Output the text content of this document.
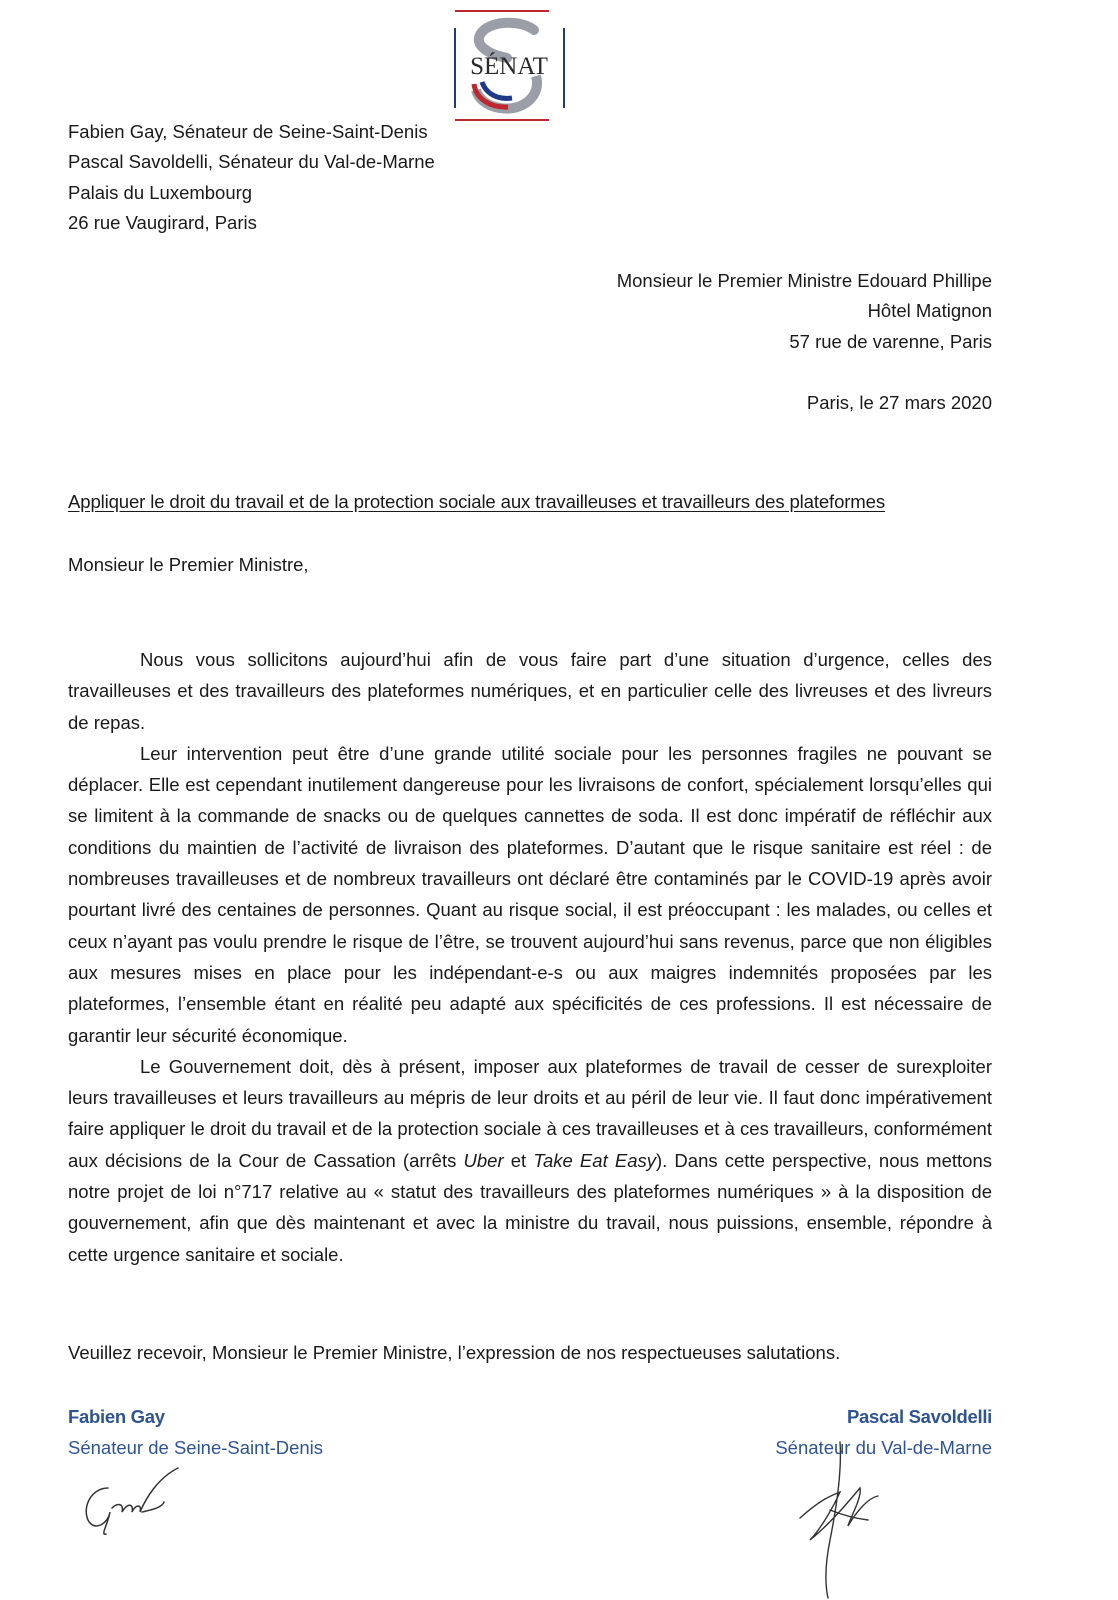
SÉNAT
Fabien Gay, Sénateur de Seine-Saint-Denis
Pascal Savoldelli, Sénateur du Val-de-Marne
Palais du Luxembourg
26 rue Vaugirard, Paris
Monsieur le Premier Ministre Edouard Phillipe
Hôtel Matignon
57 rue de varenne, Paris
Paris, le 27 mars 2020
Appliquer le droit du travail et de la protection sociale aux travailleuses et travailleurs des plateformes
Monsieur le Premier Ministre,

Nous vous sollicitons aujourd’hui afin de vous faire part d’une situation d’urgence, celles des travailleuses et des travailleurs des plateformes numériques, et en particulier celle des livreuses et des livreurs de repas.

Leur intervention peut être d’une grande utilité sociale pour les personnes fragiles ne pouvant se déplacer. Elle est cependant inutilement dangereuse pour les livraisons de confort, spécialement lorsqu’elles qui se limitent à la commande de snacks ou de quelques cannettes de soda. Il est donc impératif de réfléchir aux conditions du maintien de l’activité de livraison des plateformes. D’autant que le risque sanitaire est réel : de nombreuses travailleuses et de nombreux travailleurs ont déclaré être contaminés par le COVID-19 après avoir pourtant livré des centaines de personnes. Quant au risque social, il est préoccupant : les malades, ou celles et ceux n’ayant pas voulu prendre le risque de l’être, se trouvent aujourd’hui sans revenus, parce que non éligibles aux mesures mises en place pour les indépendant-e-s ou aux maigres indemnités proposées par les plateformes, l’ensemble étant en réalité peu adapté aux spécificités de ces professions. Il est nécessaire de garantir leur sécurité économique.

Le Gouvernement doit, dès à présent, imposer aux plateformes de travail de cesser de surexploiter leurs travailleuses et leurs travailleurs au mépris de leur droits et au péril de leur vie. Il faut donc impérativement faire appliquer le droit du travail et de la protection sociale à ces travailleuses et à ces travailleurs, conformément aux décisions de la Cour de Cassation (arrêts Uber et Take Eat Easy). Dans cette perspective, nous mettons notre projet de loi n°717 relative au « statut des travailleurs des plateformes numériques » à la disposition de gouvernement, afin que dès maintenant et avec la ministre du travail, nous puissions, ensemble, répondre à cette urgence sanitaire et sociale.

Veuillez recevoir, Monsieur le Premier Ministre, l’expression de nos respectueuses salutations.
Fabien Gay
Sénateur de Seine-Saint-Denis
Pascal Savoldelli
Sénateur du Val-de-Marne
